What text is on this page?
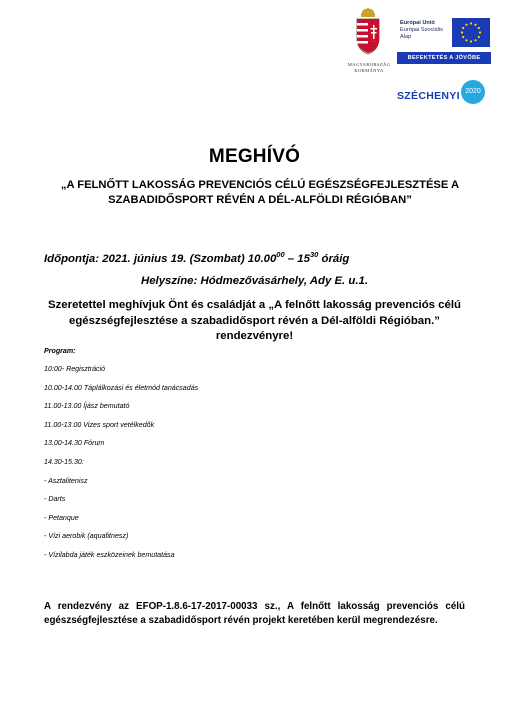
MAGYARORSZÁG
KORMÁNYA
Európai Unió
Európai Szociális
Alap
BEFEKTETÉS A JÖVŐBE
SZÉCHENYI 2020
MEGHÍVÓ
„A FELNŐTT LAKOSSÁG PREVENCIÓS CÉLÚ EGÉSZSÉGFEJLESZTÉSE A SZABADIDŐSPORT RÉVÉN A DÉL-ALFÖLDI RÉGIÓBAN”
Időpontja: 2021. június 19. (Szombat) $10.00^{00} - 15^{30}$ óráig
Helyszíne: Hódmezővásárhely, Ady E. u.1.
Szeretettel meghívjuk Önt és családját a „A felnőtt lakosság prevenciós célú egészségfejlesztése a szabadidősport révén a Dél-alföldi Régióban.” rendezvényre!
Program:
10:00- Regisztráció
10.00-14.00 Táplálkozási és életmód tanácsadás
11.00-13.00 Íjász bemutató
11.00-13.00 Vizes sport vetélkedők
13.00-14.30 Fórum
14.30-15.30:
- Asztalitenisz
- Darts
- Petanque
- Vízi aerobik (aquafitnesz)
- Vízilabda játék eszközeinek bemutatása
A rendezvény az EFOP-1.8.6-17-2017-00033 sz., A felnőtt lakosság prevenciós célú egészségfejlesztése a szabadidősport révén projekt keretében kerül megrendezésre.
